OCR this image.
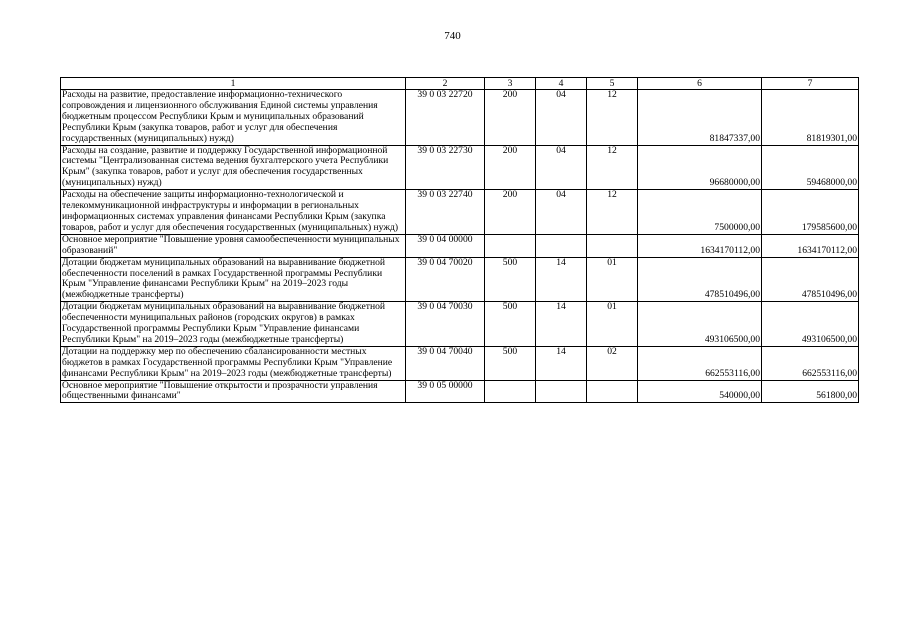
740
1	2	3	4	5	6	7
Расходы на развитие, предоставление информационно-технического сопровождения и лицензионного обслуживания Единой системы управления бюджетным процессом Республики Крым и муниципальных образований Республики Крым (закупка товаров, работ и услуг для обеспечения государственных (муниципальных) нужд)	39 0 03 22720	200	04	12	81847337,00	81819301,00
Расходы на создание, развитие и поддержку Государственной информационной системы "Централизованная система ведения бухгалтерского учета Республики Крым" (закупка товаров, работ и услуг для обеспечения государственных (муниципальных) нужд)	39 0 03 22730	200	04	12	96680000,00	59468000,00
Расходы на обеспечение защиты информационно-технологической и телекоммуникационной инфраструктуры и информации в региональных информационных системах управления финансами Республики Крым (закупка товаров, работ и услуг для обеспечения государственных (муниципальных) нужд)	39 0 03 22740	200	04	12	7500000,00	179585600,00
Основное мероприятие "Повышение уровня самообеспеченности муниципальных образований"	39 0 04 00000				1634170112,00	1634170112,00
Дотации бюджетам муниципальных образований на выравнивание бюджетной обеспеченности поселений в рамках Государственной программы Республики Крым "Управление финансами Республики Крым" на 2019–2023 годы (межбюджетные трансферты)	39 0 04 70020	500	14	01	478510496,00	478510496,00
Дотации бюджетам муниципальных образований на выравнивание бюджетной обеспеченности муниципальных районов (городских округов) в рамках Государственной программы Республики Крым "Управление финансами Республики Крым" на 2019–2023 годы (межбюджетные трансферты)	39 0 04 70030	500	14	01	493106500,00	493106500,00
Дотации на поддержку мер по обеспечению сбалансированности местных бюджетов в рамках Государственной программы Республики Крым "Управление финансами Республики Крым" на 2019–2023 годы (межбюджетные трансферты)	39 0 04 70040	500	14	02	662553116,00	662553116,00
Основное мероприятие "Повышение открытости и прозрачности управления общественными финансами"	39 0 05 00000				540000,00	561800,00
